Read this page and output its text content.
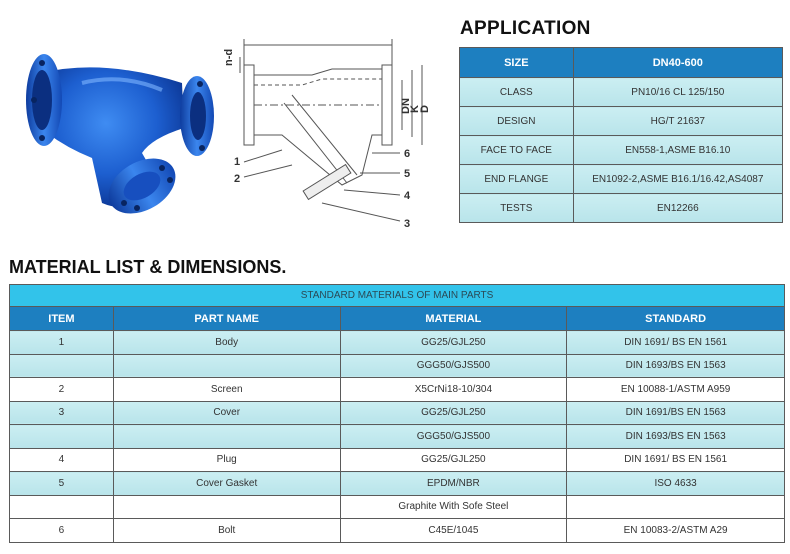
n-d
DN
K
D
1
2
3
4
5
6
APPLICATION
SIZE	DN40-600
CLASS	PN10/16 CL 125/150
DESIGN	HG/T 21637
FACE TO FACE	EN558-1,ASME B16.10
END FLANGE	EN1092-2,ASME B16.1/16.42,AS4087
TESTS	EN12266
MATERIAL LIST & DIMENSIONS.
STANDARD MATERIALS OF MAIN PARTS			
ITEM	PART NAME	MATERIAL	STANDARD
1	Body	GG25/GJL250	DIN 1691/ BS EN 1561
		GGG50/GJS500	DIN 1693/BS EN 1563
2	Screen	X5CrNi18-10/304	EN 10088-1/ASTM A959
3	Cover	GG25/GJL250	DIN 1691/BS EN 1563
		GGG50/GJS500	DIN 1693/BS EN 1563
4	Plug	GG25/GJL250	DIN 1691/ BS EN 1561
5	Cover Gasket	EPDM/NBR	ISO 4633
		Graphite With Sofe Steel	
6	Bolt	C45E/1045	EN 10083-2/ASTM A29
